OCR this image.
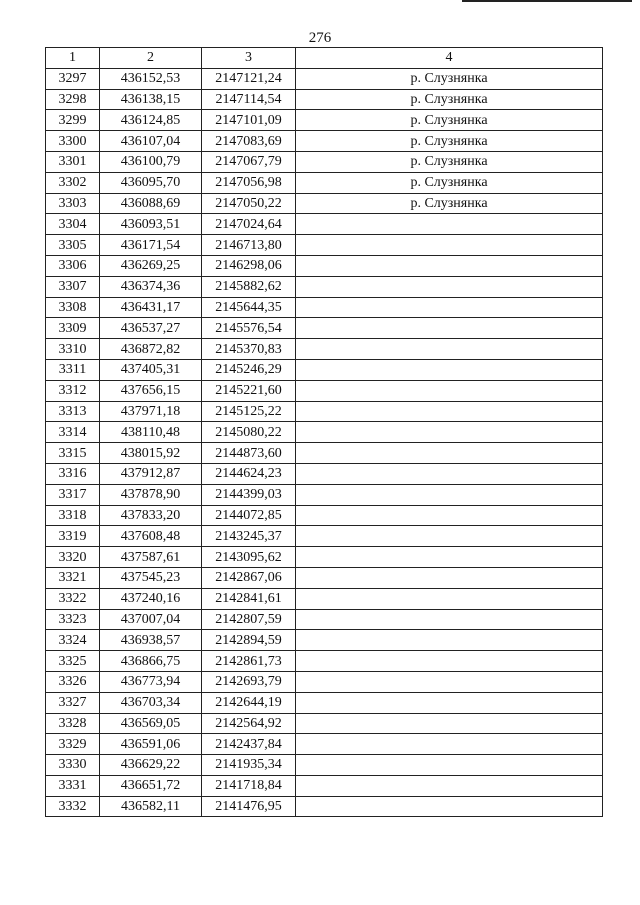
276
1	2	3	4
3297	436152,53	2147121,24	р. Слузнянка
3298	436138,15	2147114,54	р. Слузнянка
3299	436124,85	2147101,09	р. Слузнянка
3300	436107,04	2147083,69	р. Слузнянка
3301	436100,79	2147067,79	р. Слузнянка
3302	436095,70	2147056,98	р. Слузнянка
3303	436088,69	2147050,22	р. Слузнянка
3304	436093,51	2147024,64	
3305	436171,54	2146713,80	
3306	436269,25	2146298,06	
3307	436374,36	2145882,62	
3308	436431,17	2145644,35	
3309	436537,27	2145576,54	
3310	436872,82	2145370,83	
3311	437405,31	2145246,29	
3312	437656,15	2145221,60	
3313	437971,18	2145125,22	
3314	438110,48	2145080,22	
3315	438015,92	2144873,60	
3316	437912,87	2144624,23	
3317	437878,90	2144399,03	
3318	437833,20	2144072,85	
3319	437608,48	2143245,37	
3320	437587,61	2143095,62	
3321	437545,23	2142867,06	
3322	437240,16	2142841,61	
3323	437007,04	2142807,59	
3324	436938,57	2142894,59	
3325	436866,75	2142861,73	
3326	436773,94	2142693,79	
3327	436703,34	2142644,19	
3328	436569,05	2142564,92	
3329	436591,06	2142437,84	
3330	436629,22	2141935,34	
3331	436651,72	2141718,84	
3332	436582,11	2141476,95	
